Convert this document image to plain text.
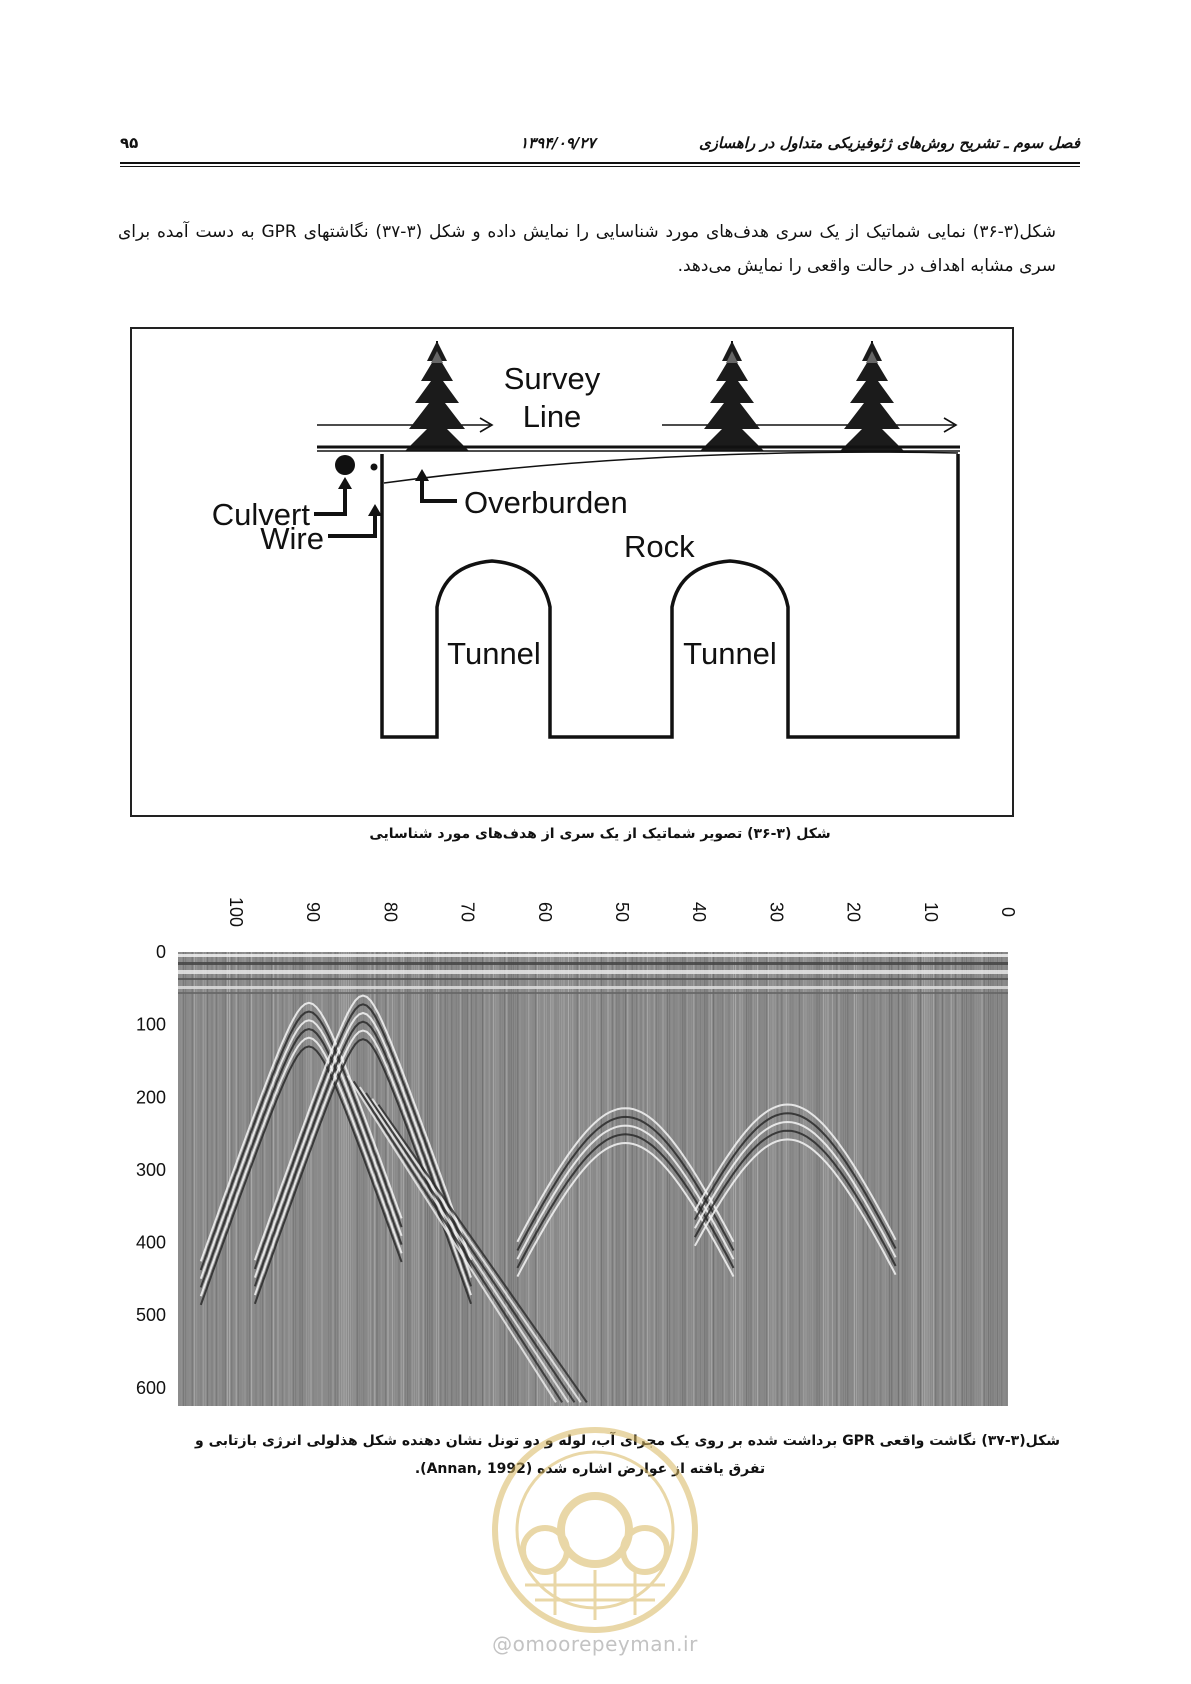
فصل سوم ـ تشریح روش‌های ژئوفیزیکی متداول در راهسازی
۱۳۹۴/۰۹/۲۷
۹۵
شکل(۳-۳۶) نمایی شماتیک از یک سری هدف‌های مورد شناسایی را نمایش داده و شکل (۳-۳۷) نگاشتهای GPR به دست آمده برای سری مشابه اهداف در حالت واقعی را نمایش می‌دهد.
Survey
Line
Culvert
Wire
Overburden
Rock
Tunnel	Tunnel
شکل (۳-۳۶) تصویر شماتیک از یک سری از هدف‌های مورد شناسایی
100	90	80	70	60	50	40	30	20	10	0
0
100
200
300
400
500
600
شکل(۳-۳۷) نگاشت واقعی GPR برداشت شده بر روی یک مجرای آب، لوله و دو تونل نشان دهنده شکل هذلولی انرژی بازتابی و
تفرق یافته از عوارض اشاره شده (Annan, 1992).
@omoorepeyman.ir
